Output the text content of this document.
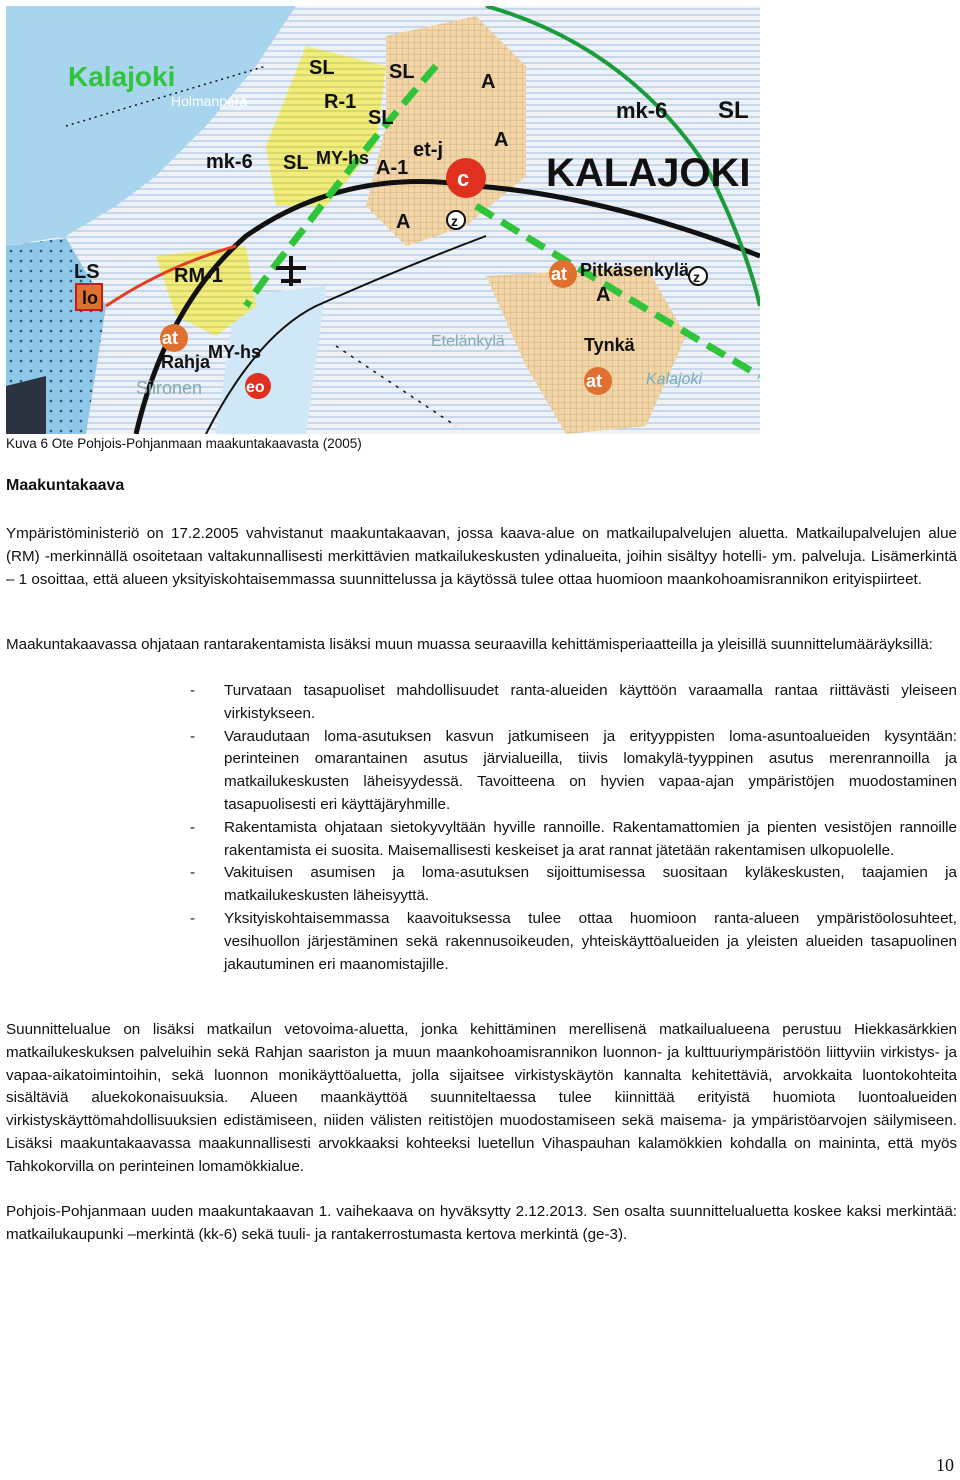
Kalajoki
KALAJOKI
SL	SL
SL
SL
SL
A
A
A
A
R-1
mk-6
mk-6
MY-hs
MY-hs
A-1
et-j
c
z
z
LS
lo
RM-1
at
at
at
Pitkäsenkylä
Etelänkylä	Tynkä
Rahja
Siironen
Holmanperä
Kalajoki
eo
Kuva 6 Ote Pohjois-Pohjanmaan maakuntakaavasta (2005)
Maakuntakaava

Ympäristöministeriö on 17.2.2005 vahvistanut maakuntakaavan, jossa kaava-alue on matkailupalvelujen aluetta. Matkailupalvelujen alue (RM) -merkinnällä osoitetaan valtakunnallisesti merkittävien matkailukeskusten ydinalueita, joihin sisältyy hotelli- ym. palveluja. Lisämerkintä – 1 osoittaa, että alueen yksityiskohtaisemmassa suunnittelussa ja käytössä tulee ottaa huomioon maankohoamisrannikon erityispiirteet.

Maakuntakaavassa ohjataan rantarakentamista lisäksi muun muassa seuraavilla kehittämisperiaatteilla ja yleisillä suunnittelumääräyksillä:

- Turvataan tasapuoliset mahdollisuudet ranta-alueiden käyttöön varaamalla rantaa riittävästi yleiseen virkistykseen.
- Varaudutaan loma-asutuksen kasvun jatkumiseen ja erityyppisten loma-asuntoalueiden kysyntään: perinteinen omarantainen asutus järvialueilla, tiivis lomakylä-tyyppinen asutus merenrannoilla ja matkailukeskusten läheisyydessä. Tavoitteena on hyvien vapaa-ajan ympäristöjen muodostaminen tasapuolisesti eri käyttäjäryhmille.
- Rakentamista ohjataan sietokyvyltään hyville rannoille. Rakentamattomien ja pienten vesistöjen rannoille rakentamista ei suosita. Maisemallisesti keskeiset ja arat rannat jätetään rakentamisen ulkopuolelle.
- Vakituisen asumisen ja loma-asutuksen sijoittumisessa suositaan kyläkeskusten, taajamien ja matkailukeskusten läheisyyttä.
- Yksityiskohtaisemmassa kaavoituksessa tulee ottaa huomioon ranta-alueen ympäristöolosuhteet, vesihuollon järjestäminen sekä rakennusoikeuden, yhteiskäyttöalueiden ja yleisten alueiden tasapuolinen jakautuminen eri maanomistajille.

Suunnittelualue on lisäksi matkailun vetovoima-aluetta, jonka kehittäminen merellisenä matkailualueena perustuu Hiekkasärkkien matkailukeskuksen palveluihin sekä Rahjan saariston ja muun maankohoamisrannikon luonnon- ja kulttuuriympäristöön liittyviin virkistys- ja vapaa-aikatoimintoihin, sekä luonnon monikäyttöaluetta, jolla sijaitsee virkistyskäytön kannalta kehitettäviä, arvokkaita luontokohteita sisältäviä aluekokonaisuuksia. Alueen maankäyttöä suunniteltaessa tulee kiinnittää erityistä huomiota luontoalueiden virkistyskäyttömahdollisuuksien edistämiseen, niiden välisten reitistöjen muodostamiseen sekä maisema- ja ympäristöarvojen säilymiseen. Lisäksi maakuntakaavassa maakunnallisesti arvokkaaksi kohteeksi luetellun Vihaspauhan kalamökkien kohdalla on maininta, että myös Tahkokorvilla on perinteinen lomamökkialue.

Pohjois-Pohjanmaan uuden maakuntakaavan 1. vaihekaava on hyväksytty 2.12.2013. Sen osalta suunnittelualuetta koskee kaksi merkintää: matkailukaupunki –merkintä (kk-6) sekä tuuli- ja rantakerrostumasta kertova merkintä (ge-3).

10
